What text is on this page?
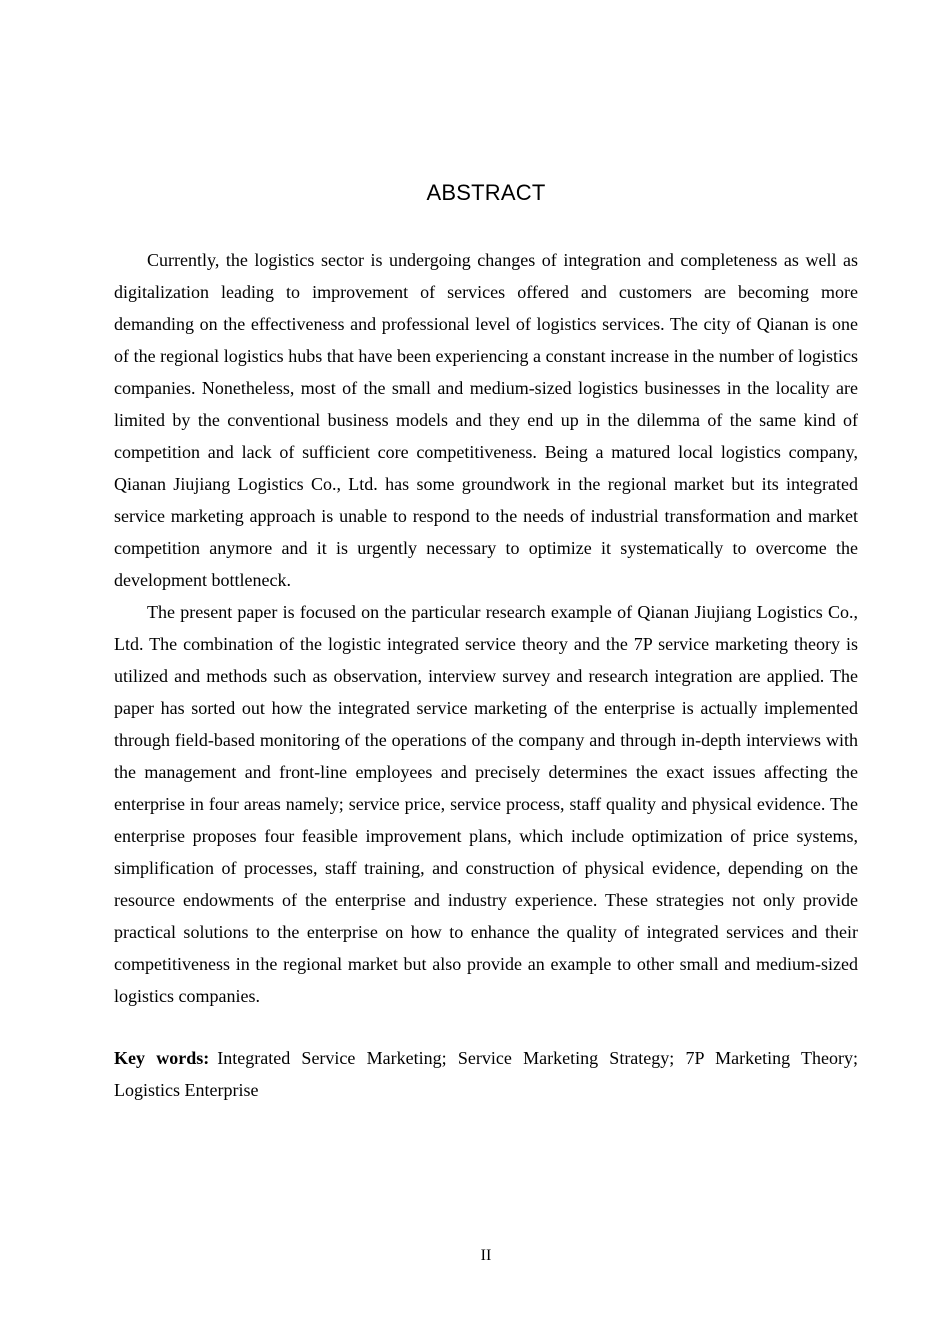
ABSTRACT

Currently, the logistics sector is undergoing changes of integration and completeness as well as digitalization leading to improvement of services offered and customers are becoming more demanding on the effectiveness and professional level of logistics services. The city of Qianan is one of the regional logistics hubs that have been experiencing a constant increase in the number of logistics companies. Nonetheless, most of the small and medium-sized logistics businesses in the locality are limited by the conventional business models and they end up in the dilemma of the same kind of competition and lack of sufficient core competitiveness. Being a matured local logistics company, Qianan Jiujiang Logistics Co., Ltd. has some groundwork in the regional market but its integrated service marketing approach is unable to respond to the needs of industrial transformation and market competition anymore and it is urgently necessary to optimize it systematically to overcome the development bottleneck.

The present paper is focused on the particular research example of Qianan Jiujiang Logistics Co., Ltd. The combination of the logistic integrated service theory and the 7P service marketing theory is utilized and methods such as observation, interview survey and research integration are applied. The paper has sorted out how the integrated service marketing of the enterprise is actually implemented through field-based monitoring of the operations of the company and through in-depth interviews with the management and front-line employees and precisely determines the exact issues affecting the enterprise in four areas namely; service price, service process, staff quality and physical evidence. The enterprise proposes four feasible improvement plans, which include optimization of price systems, simplification of processes, staff training, and construction of physical evidence, depending on the resource endowments of the enterprise and industry experience. These strategies not only provide practical solutions to the enterprise on how to enhance the quality of integrated services and their competitiveness in the regional market but also provide an example to other small and medium-sized logistics companies.

Key words: Integrated Service Marketing; Service Marketing Strategy; 7P Marketing Theory; Logistics Enterprise
II
